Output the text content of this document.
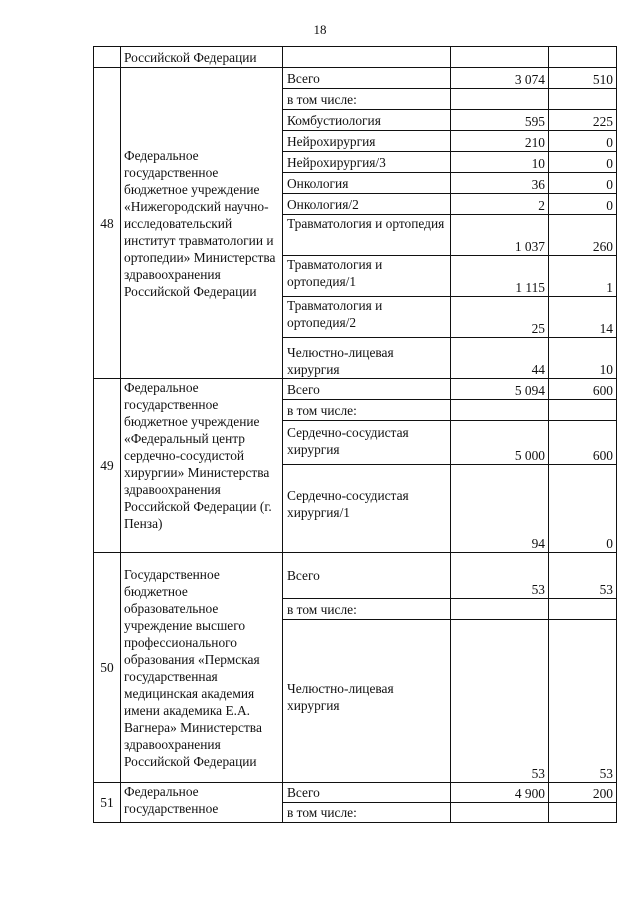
18
	Российской Федерации			
48	Федеральное государственное бюджетное учреждение «Нижегородский научно-исследовательский институт травматологии и ортопедии» Министерства здравоохранения Российской Федерации	Всего	3 074	510
		в том числе:		
		Комбустиология	595	225
		Нейрохирургия	210	0
		Нейрохирургия/3	10	0
		Онкология	36	0
		Онкология/2	2	0
		Травматология и ортопедия	1 037	260
		Травматология и ортопедия/1	1 115	1
		Травматология и ортопедия/2	25	14
		Челюстно-лицевая хирургия	44	10
49	Федеральное государственное бюджетное учреждение «Федеральный центр сердечно-сосудистой хирургии» Министерства здравоохранения Российской Федерации (г. Пенза)	Всего	5 094	600
		в том числе:		
		Сердечно-сосудистая хирургия	5 000	600
		Сердечно-сосудистая хирургия/1	94	0
50	Государственное бюджетное образовательное учреждение высшего профессионального образования «Пермская государственная медицинская академия имени академика Е.А. Вагнера» Министерства здравоохранения Российской Федерации	Всего	53	53
		в том числе:		
		Челюстно-лицевая хирургия	53	53
51	Федеральное государственное	Всего	4 900	200
		в том числе:		
